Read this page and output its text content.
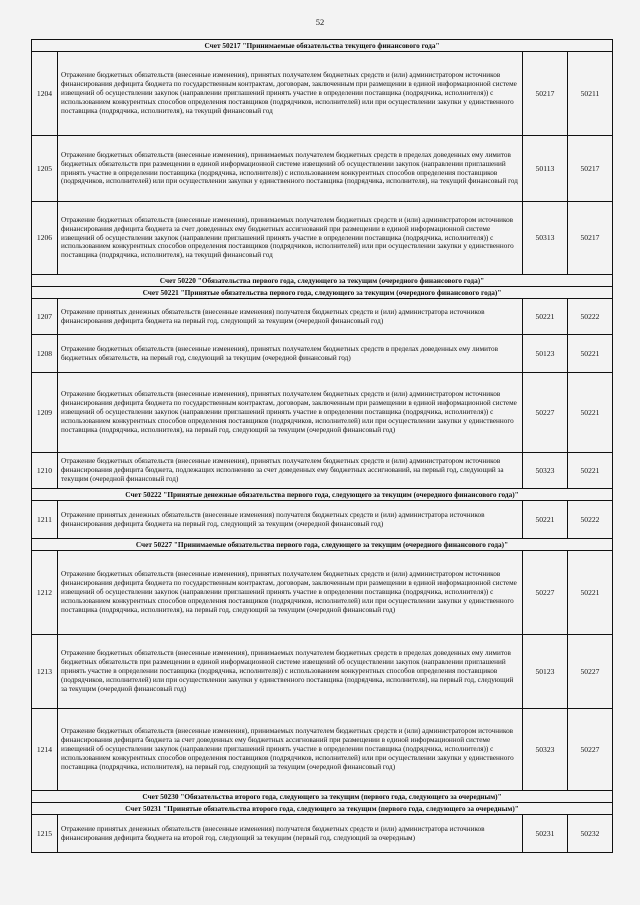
52
Счет 50217 "Принимаемые обязательства текущего финансового года"			
1204	Отражение бюджетных обязательств (внесенные изменения), принятых получателем бюджетных средств и (или) администратором источников финансирования дефицита бюджета по государственным контрактам, договорам, заключенным при размещении в единой информационной системе извещений об осуществлении закупок (направлении приглашений принять участие в определении поставщика (подрядчика, исполнителя)) с использованием конкурентных способов определения поставщиков (подрядчиков, исполнителей) или при осуществлении закупки у единственного поставщика (подрядчика, исполнителя), на текущий финансовый год	50217	50211
1205	Отражение бюджетных обязательств (внесенные изменения), принимаемых получателем бюджетных средств в пределах доведенных ему лимитов бюджетных обязательств при размещении в единой информационной системе извещений об осуществлении закупок (направлении приглашений принять участие в определении поставщика (подрядчика, исполнителя)) с использованием конкурентных способов определения поставщиков (подрядчиков, исполнителей) или при осуществлении закупки у единственного поставщика (подрядчика, исполнителя), на текущий финансовый год	50113	50217
1206	Отражение бюджетных обязательств (внесенные изменения), принимаемых получателем бюджетных средств и (или) администратором источников финансирования дефицита бюджета за счет доведенных ему бюджетных ассигнований при размещении в единой информационной системе извещений об осуществлении закупок (направлении приглашений принять участие в определении поставщика (подрядчика, исполнителя)) с использованием конкурентных способов определения поставщиков (подрядчиков, исполнителей) или при осуществлении закупки у единственного поставщика (подрядчика, исполнителя), на текущий финансовый год	50313	50217
Счет 50220 "Обязательства первого года, следующего за текущим (очередного финансового года)"			
Счет 50221 "Принятые обязательства первого года, следующего за текущим (очередного финансового года)"			
1207	Отражение принятых денежных обязательств (внесенные изменения) получателя бюджетных средств и (или) администратора источников финансирования дефицита бюджета на первый год, следующий за текущим (очередной финансовый год)	50221	50222
1208	Отражение бюджетных обязательств (внесенные изменения), принятых получателем бюджетных средств в пределах доведенных ему лимитов бюджетных обязательств, на первый год, следующий за текущим (очередной финансовый год)	50123	50221
1209	Отражение бюджетных обязательств (внесенные изменения), принятых получателем бюджетных средств и (или) администратором источников финансирования дефицита бюджета по государственным контрактам, договорам, заключенным при размещении в единой информационной системе извещений об осуществлении закупок (направлении приглашений принять участие в определении поставщика (подрядчика, исполнителя)) с использованием конкурентных способов определения поставщиков (подрядчиков, исполнителей) или при осуществлении закупки у единственного поставщика (подрядчика, исполнителя), на первый год, следующий за текущим (очередной финансовый год)	50227	50221
1210	Отражение бюджетных обязательств (внесенные изменения), принятых получателем бюджетных средств и (или) администратором источников финансирования дефицита бюджета, подлежащих исполнению за счет доведенных ему бюджетных ассигнований, на первый год, следующий за текущим (очередной финансовый год)	50323	50221
Счет 50222 "Принятые денежные обязательства первого года, следующего за текущим (очередного финансового года)"			
1211	Отражение принятых денежных обязательств (внесенные изменения) получателя бюджетных средств и (или) администратора источников финансирования дефицита бюджета на первый год, следующий за текущим (очередной финансовый год)	50221	50222
Счет 50227 "Принимаемые обязательства первого года, следующего за текущим (очередного финансового года)"			
1212	Отражение бюджетных обязательств (внесенные изменения), принятых получателем бюджетных средств и (или) администратором источников финансирования дефицита бюджета по государственным контрактам, договорам, заключенным при размещении в единой информационной системе извещений об осуществлении закупок (направлении приглашений принять участие в определении поставщика (подрядчика, исполнителя)) с использованием конкурентных способов определения поставщиков (подрядчиков, исполнителей) или при осуществлении закупки у единственного поставщика (подрядчика, исполнителя), на первый год, следующий за текущим (очередной финансовый год)	50227	50221
1213	Отражение бюджетных обязательств (внесенные изменения), принимаемых получателем бюджетных средств в пределах доведенных ему лимитов бюджетных обязательств при размещении в единой информационной системе извещений об осуществлении закупок (направлении приглашений принять участие в определении поставщика (подрядчика, исполнителя)) с использованием конкурентных способов определения поставщиков (подрядчиков, исполнителей) или при осуществлении закупки у единственного поставщика (подрядчика, исполнителя), на первый год, следующий за текущим (очередной финансовый год)	50123	50227
1214	Отражение бюджетных обязательств (внесенные изменения), принимаемых получателем бюджетных средств и (или) администратором источников финансирования дефицита бюджета за счет доведенных ему бюджетных ассигнований при размещении в единой информационной системе извещений об осуществлении закупок (направлении приглашений принять участие в определении поставщика (подрядчика, исполнителя)) с использованием конкурентных способов определения поставщиков (подрядчиков, исполнителей) или при осуществлении закупки у единственного поставщика (подрядчика, исполнителя), на первый год, следующий за текущим (очередной финансовый год)	50323	50227
Счет 50230 "Обязательства второго года, следующего за текущим (первого года, следующего за очередным)"			
Счет 50231 "Принятые обязательства второго года, следующего за текущим (первого года, следующего за очередным)"			
1215	Отражение принятых денежных обязательств (внесенные изменения) получателя бюджетных средств и (или) администратора источников финансирования дефицита бюджета на второй год, следующий за текущим (первый год, следующий за очередным)	50231	50232
